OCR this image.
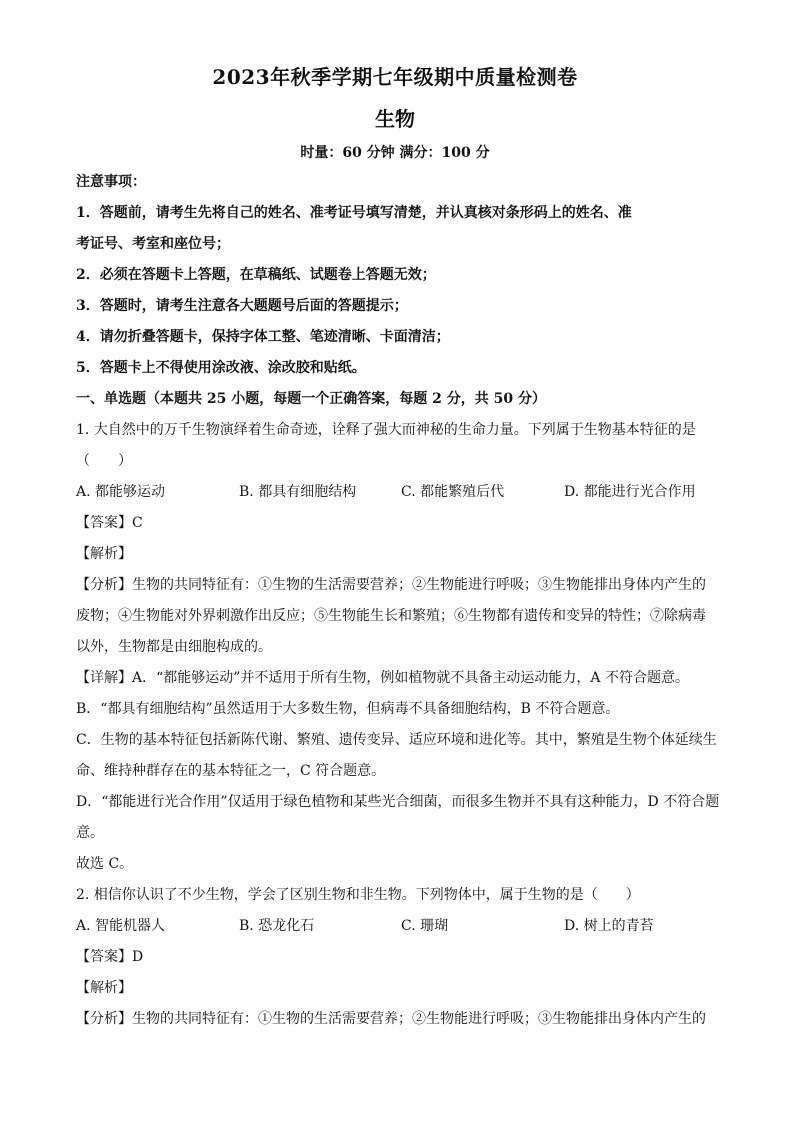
2023年秋季学期七年级期中质量检测卷

生物

时量：60 分钟 满分：100 分

注意事项：

1．答题前，请考生先将自己的姓名、准考证号填写清楚，并认真核对条形码上的姓名、准

考证号、考室和座位号；

2．必须在答题卡上答题，在草稿纸、试题卷上答题无效；

3．答题时，请考生注意各大题题号后面的答题提示；

4．请勿折叠答题卡，保持字体工整、笔迹清晰、卡面清洁；

5．答题卡上不得使用涂改液、涂改胶和贴纸。

一、单选题（本题共 25 小题，每题一个正确答案，每题 2 分，共 50 分）

1. 大自然中的万千生物演绎着生命奇迹，诠释了强大而神秘的生命力量。下列属于生物基本特征的是

（　　）

A. 都能够运动	B. 都具有细胞结构	C. 都能繁殖后代	D. 都能进行光合作用

【答案】C

【解析】

【分析】生物的共同特征有：①生物的生活需要营养；②生物能进行呼吸；③生物能排出身体内产生的

废物；④生物能对外界刺激作出反应；⑤生物能生长和繁殖；⑥生物都有遗传和变异的特性；⑦除病毒

以外，生物都是由细胞构成的。

【详解】A．“都能够运动”并不适用于所有生物，例如植物就不具备主动运动能力，A 不符合题意。

B．“都具有细胞结构”虽然适用于大多数生物，但病毒不具备细胞结构，B 不符合题意。

C．生物的基本特征包括新陈代谢、繁殖、遗传变异、适应环境和进化等。其中，繁殖是生物个体延续生

命、维持种群存在的基本特征之一，C 符合题意。

D．“都能进行光合作用”仅适用于绿色植物和某些光合细菌，而很多生物并不具有这种能力，D 不符合题

意。

故选 C。

2. 相信你认识了不少生物，学会了区别生物和非生物。下列物体中，属于生物的是（　　）

A. 智能机器人	B. 恐龙化石	C. 珊瑚	D. 树上的青苔

【答案】D

【解析】

【分析】生物的共同特征有：①生物的生活需要营养；②生物能进行呼吸；③生物能排出身体内产生的
